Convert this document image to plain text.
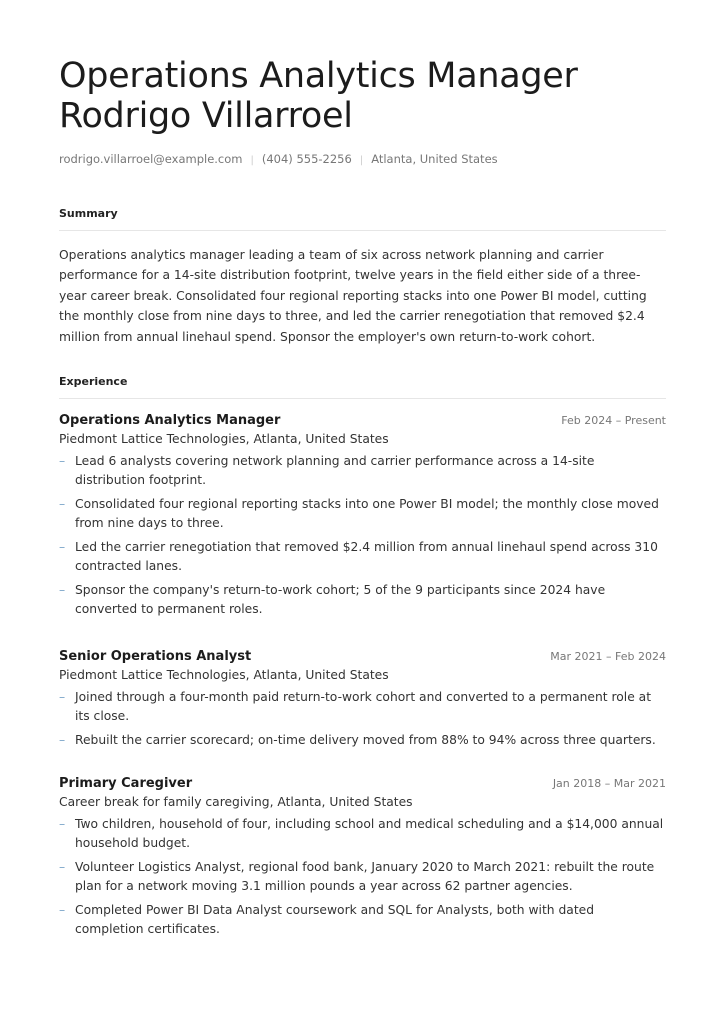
Operations Analytics Manager
Rodrigo Villarroel
rodrigo.villarroel@example.com | (404) 555-2256 | Atlanta, United States
Summary

Operations analytics manager leading a team of six across network planning and carrier performance for a 14-site distribution footprint, twelve years in the field either side of a three-year career break. Consolidated four regional reporting stacks into one Power BI model, cutting the monthly close from nine days to three, and led the carrier renegotiation that removed $2.4 million from annual linehaul spend. Sponsor the employer's own return-to-work cohort.

Experience
Operations Analytics Manager	Feb 2024 – Present
Piedmont Lattice Technologies, Atlanta, United States
– Lead 6 analysts covering network planning and carrier performance across a 14-site distribution footprint.
– Consolidated four regional reporting stacks into one Power BI model; the monthly close moved from nine days to three.
– Led the carrier renegotiation that removed $2.4 million from annual linehaul spend across 310 contracted lanes.
– Sponsor the company's return-to-work cohort; 5 of the 9 participants since 2024 have converted to permanent roles.
Senior Operations Analyst	Mar 2021 – Feb 2024
Piedmont Lattice Technologies, Atlanta, United States
– Joined through a four-month paid return-to-work cohort and converted to a permanent role at its close.
– Rebuilt the carrier scorecard; on-time delivery moved from 88% to 94% across three quarters.
Primary Caregiver	Jan 2018 – Mar 2021
Career break for family caregiving, Atlanta, United States
– Two children, household of four, including school and medical scheduling and a $14,000 annual household budget.
– Volunteer Logistics Analyst, regional food bank, January 2020 to March 2021: rebuilt the route plan for a network moving 3.1 million pounds a year across 62 partner agencies.
– Completed Power BI Data Analyst coursework and SQL for Analysts, both with dated completion certificates.
